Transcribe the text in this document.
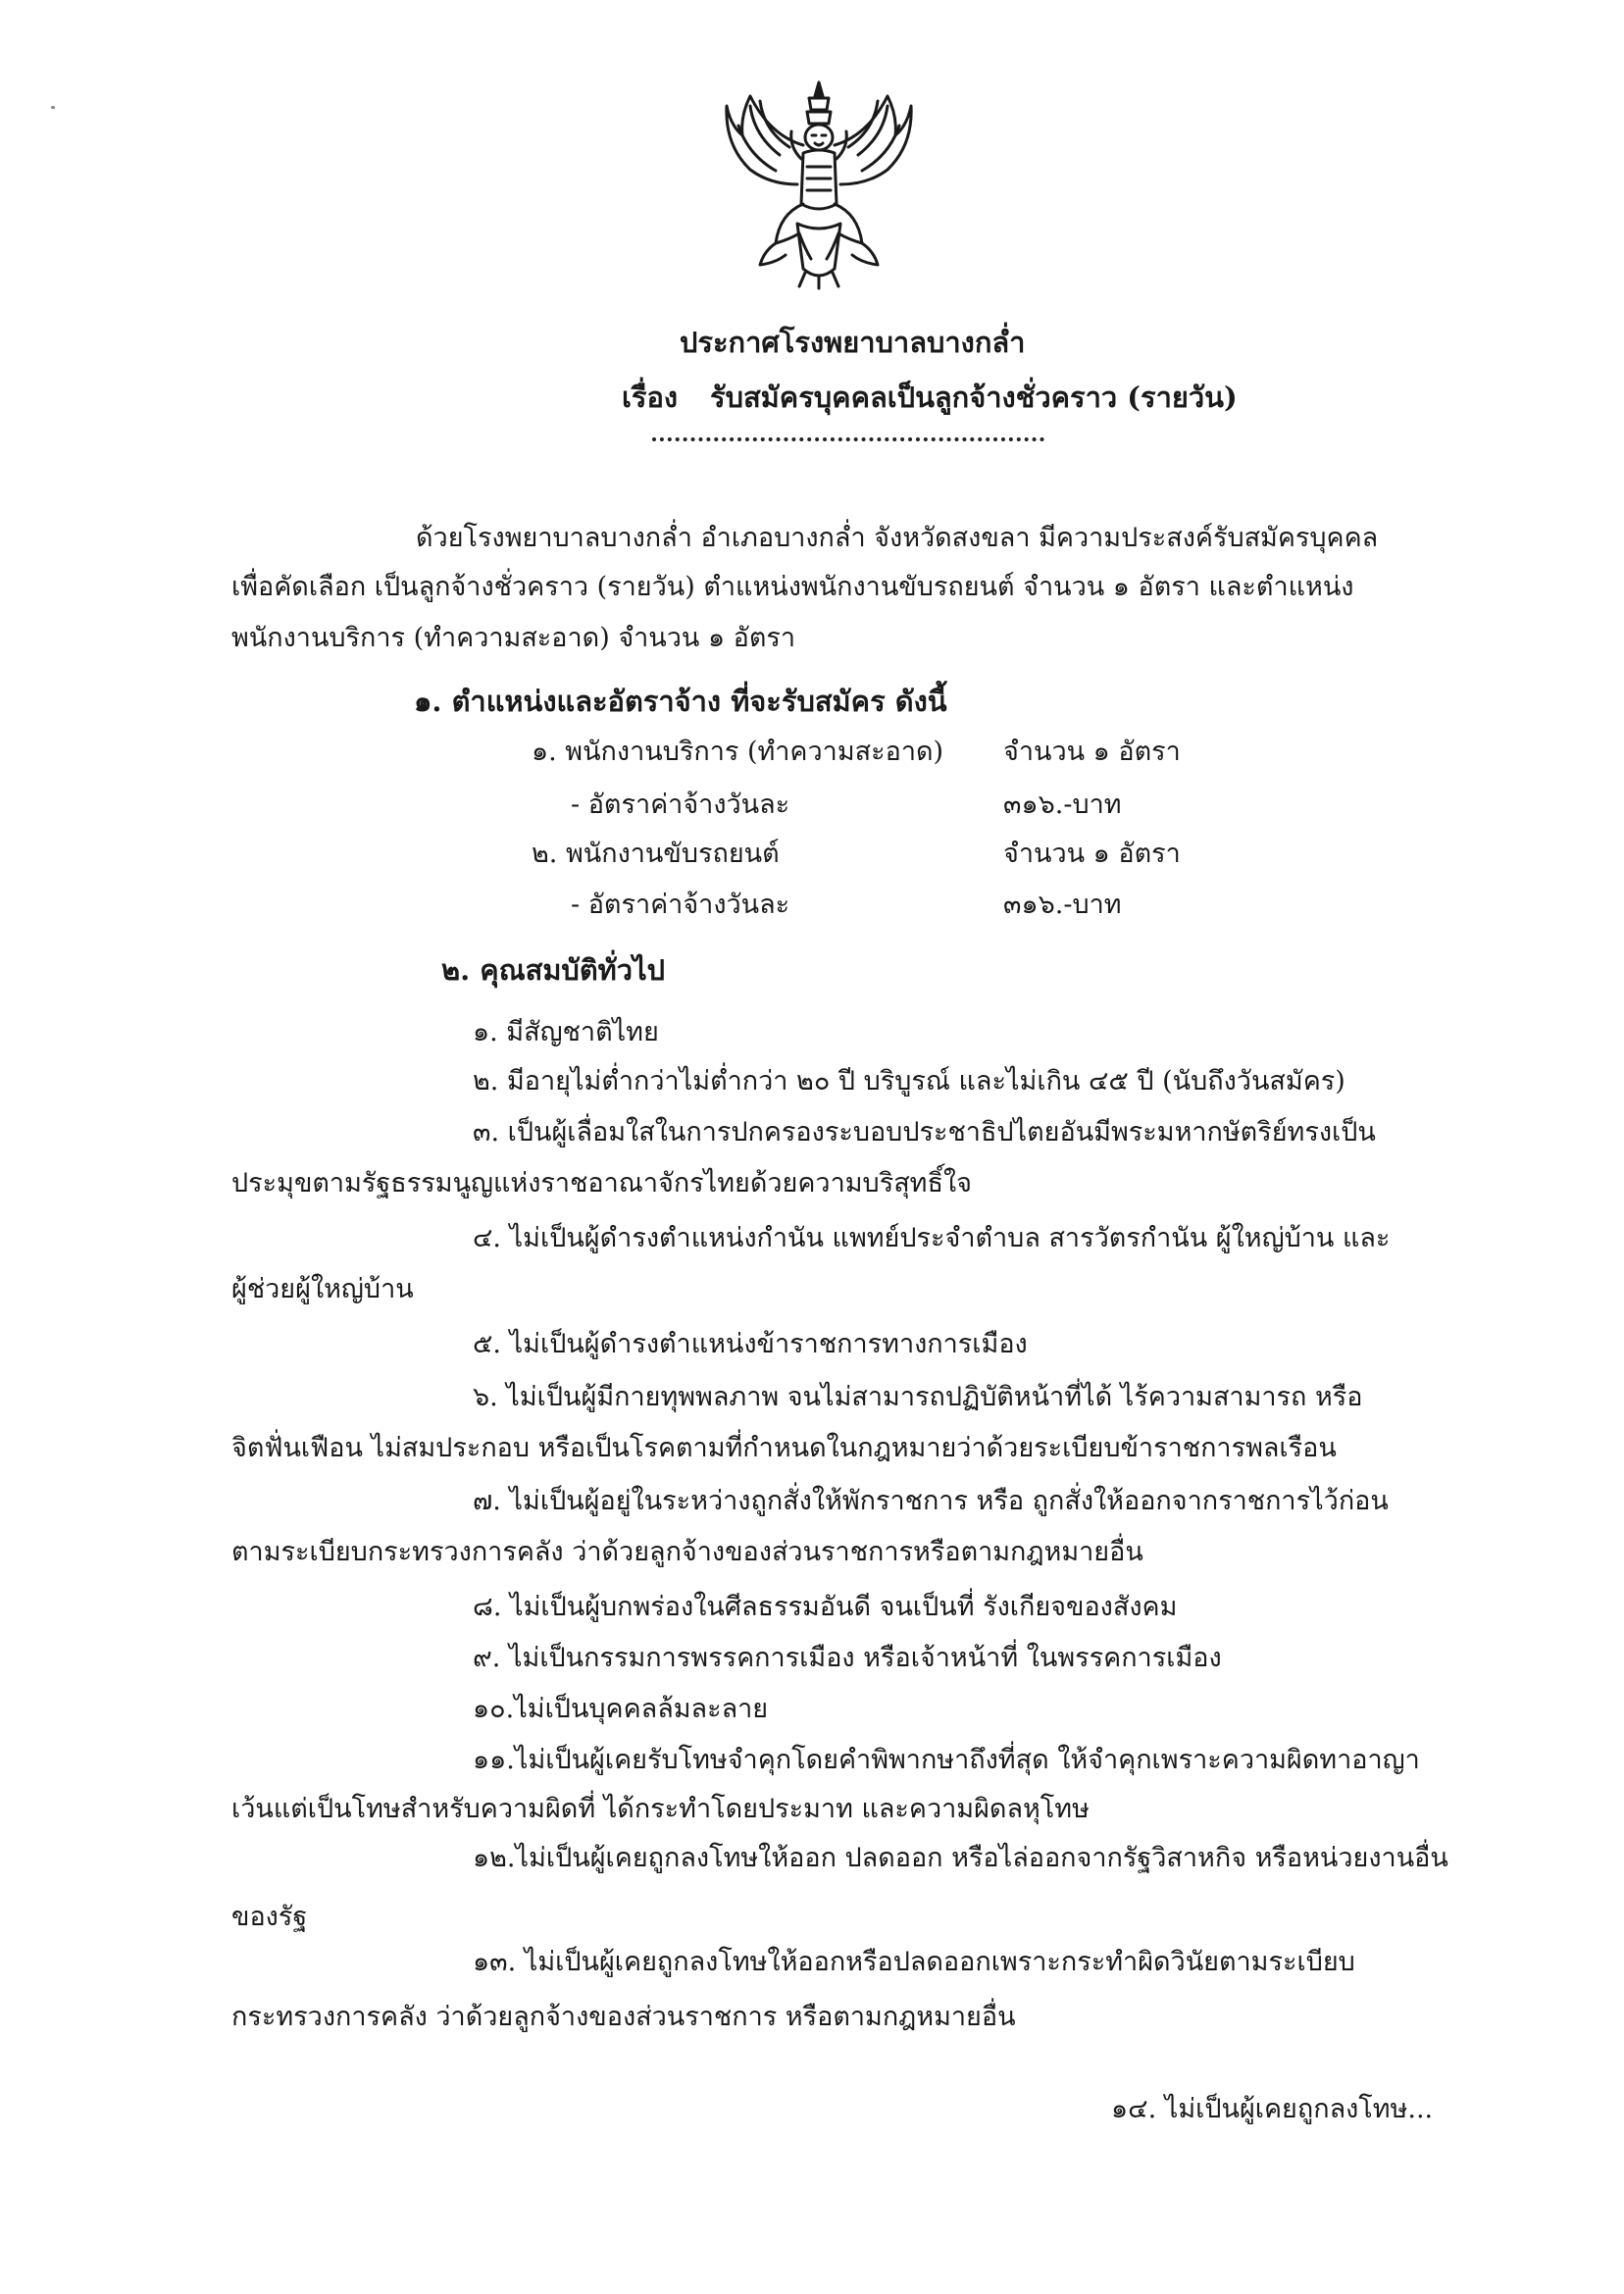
ประกาศโรงพยาบาลบางกล่ำ
เรื่อง รับสมัครบุคคลเป็นลูกจ้างชั่วคราว (รายวัน)
ด้วยโรงพยาบาลบางกล่ำ อำเภอบางกล่ำ จังหวัดสงขลา มีความประสงค์รับสมัครบุคคล
เพื่อคัดเลือก เป็นลูกจ้างชั่วคราว (รายวัน) ตำแหน่งพนักงานขับรถยนต์ จำนวน ๑ อัตรา และตำแหน่ง
พนักงานบริการ (ทำความสะอาด) จำนวน ๑ อัตรา
๑. ตำแหน่งและอัตราจ้าง ที่จะรับสมัคร ดังนี้
๑. พนักงานบริการ (ทำความสะอาด) จำนวน ๑ อัตรา
- อัตราค่าจ้างวันละ	๓๑๖.-บาท
๒. พนักงานขับรถยนต์	จำนวน ๑ อัตรา
- อัตราค่าจ้างวันละ	๓๑๖.-บาท
๒. คุณสมบัติทั่วไป
๑. มีสัญชาติไทย
๒. มีอายุไม่ต่ำกว่าไม่ต่ำกว่า ๒๐ ปี บริบูรณ์ และไม่เกิน ๔๕ ปี (นับถึงวันสมัคร)
๓. เป็นผู้เลื่อมใสในการปกครองระบอบประชาธิปไตยอันมีพระมหากษัตริย์ทรงเป็น
ประมุขตามรัฐธรรมนูญแห่งราชอาณาจักรไทยด้วยความบริสุทธิ์ใจ
๔. ไม่เป็นผู้ดำรงตำแหน่งกำนัน แพทย์ประจำตำบล สารวัตรกำนัน ผู้ใหญ่บ้าน และ
ผู้ช่วยผู้ใหญ่บ้าน
๕. ไม่เป็นผู้ดำรงตำแหน่งข้าราชการทางการเมือง
๖. ไม่เป็นผู้มีกายทุพพลภาพ จนไม่สามารถปฏิบัติหน้าที่ได้ ไร้ความสามารถ หรือ
จิตฟั่นเฟือน ไม่สมประกอบ หรือเป็นโรคตามที่กำหนดในกฎหมายว่าด้วยระเบียบข้าราชการพลเรือน
๗. ไม่เป็นผู้อยู่ในระหว่างถูกสั่งให้พักราชการ หรือ ถูกสั่งให้ออกจากราชการไว้ก่อน
ตามระเบียบกระทรวงการคลัง ว่าด้วยลูกจ้างของส่วนราชการหรือตามกฎหมายอื่น
๘. ไม่เป็นผู้บกพร่องในศีลธรรมอันดี จนเป็นที่ รังเกียจของสังคม
๙. ไม่เป็นกรรมการพรรคการเมือง หรือเจ้าหน้าที่ ในพรรคการเมือง
๑๐.ไม่เป็นบุคคลล้มละลาย
๑๑.ไม่เป็นผู้เคยรับโทษจำคุกโดยคำพิพากษาถึงที่สุด ให้จำคุกเพราะความผิดทาอาญา
เว้นแต่เป็นโทษสำหรับความผิดที่ ได้กระทำโดยประมาท และความผิดลหุโทษ
๑๒.ไม่เป็นผู้เคยถูกลงโทษให้ออก ปลดออก หรือไล่ออกจากรัฐวิสาหกิจ หรือหน่วยงานอื่น
ของรัฐ
๑๓. ไม่เป็นผู้เคยถูกลงโทษให้ออกหรือปลดออกเพราะกระทำผิดวินัยตามระเบียบ
กระทรวงการคลัง ว่าด้วยลูกจ้างของส่วนราชการ หรือตามกฎหมายอื่น
๑๔. ไม่เป็นผู้เคยถูกลงโทษ...
